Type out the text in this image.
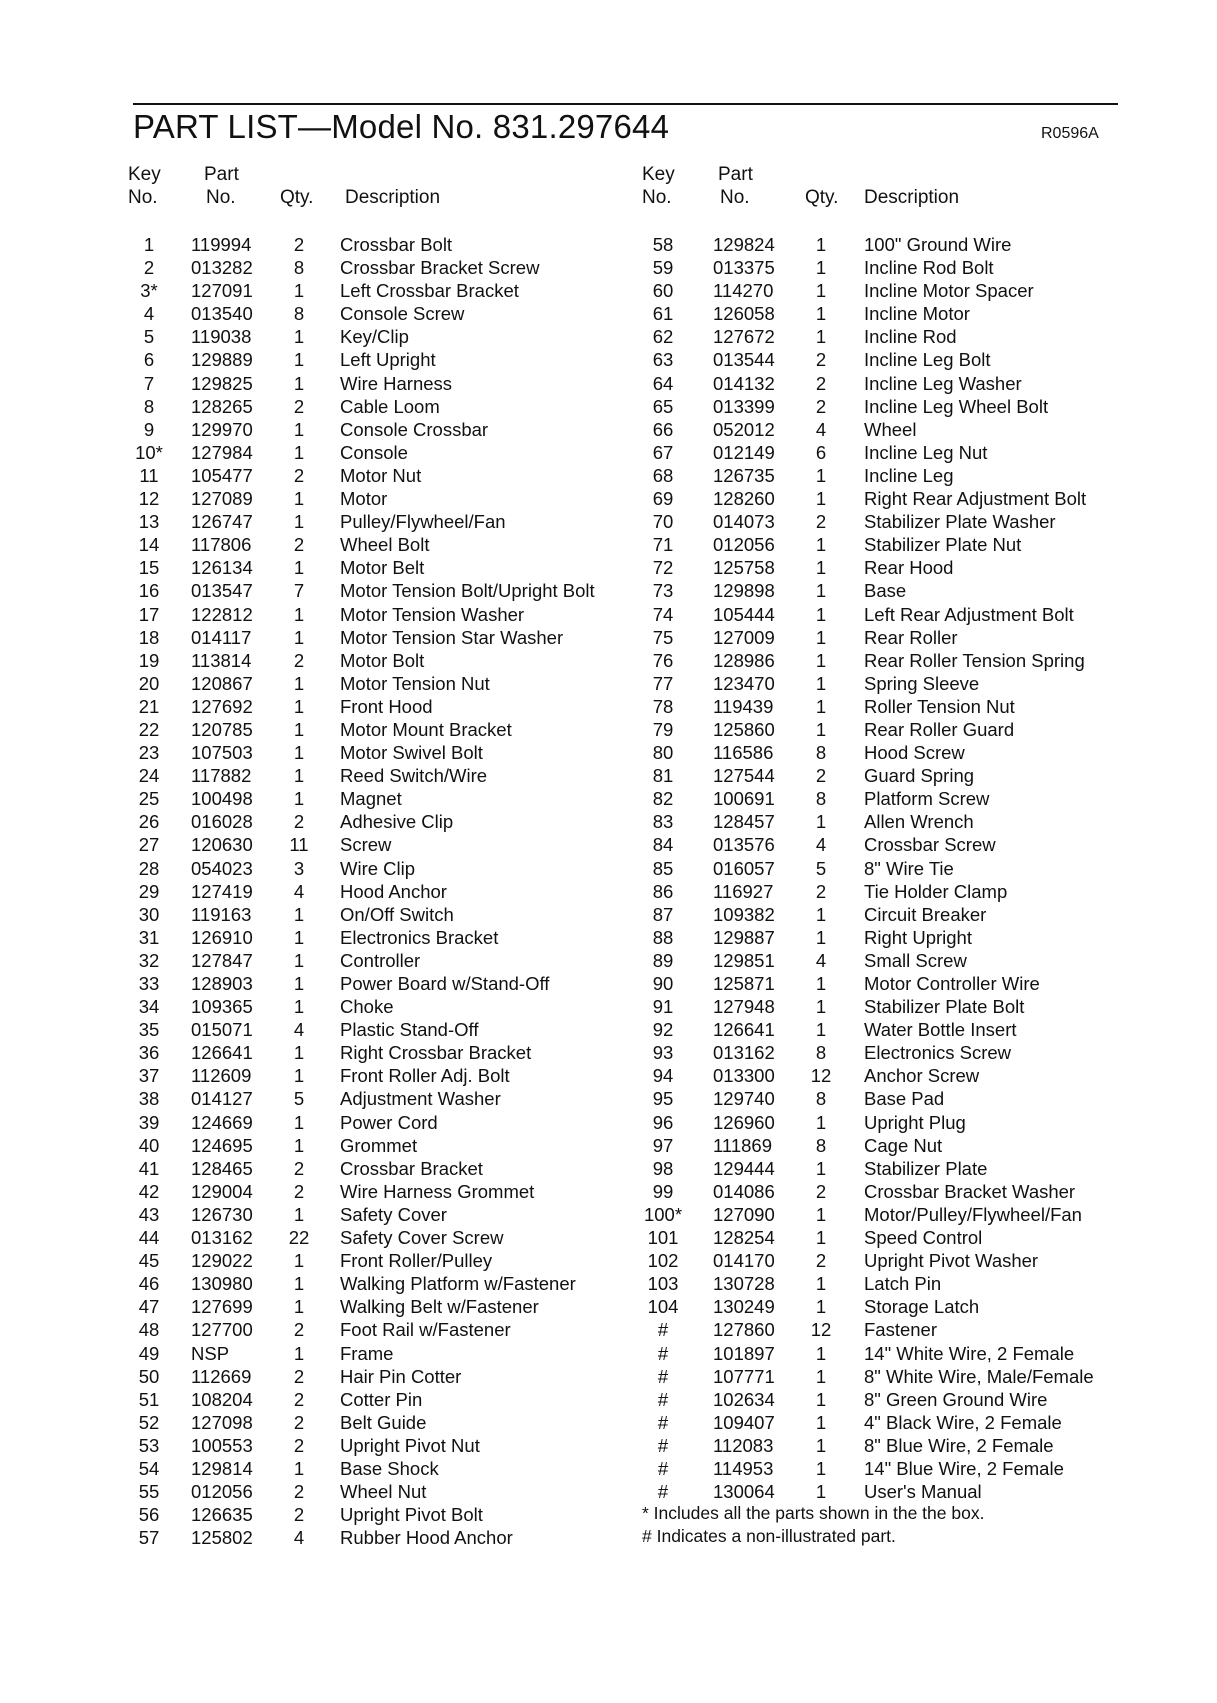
PART LIST—Model No. 831.297644	R0596A
Key
No.
Part
No. Qty. Description
1	119994	2	Crossbar Bolt
2	013282	8	Crossbar Bracket Screw
3*	127091	1	Left Crossbar Bracket
4	013540	8	Console Screw
5	119038	1	Key/Clip
6	129889	1	Left Upright
7	129825	1	Wire Harness
8	128265	2	Cable Loom
9	129970	1	Console Crossbar
10*	127984	1	Console
11	105477	2	Motor Nut
12	127089	1	Motor
13	126747	1	Pulley/Flywheel/Fan
14	117806	2	Wheel Bolt
15	126134	1	Motor Belt
16	013547	7	Motor Tension Bolt/Upright Bolt
17	122812	1	Motor Tension Washer
18	014117	1	Motor Tension Star Washer
19	113814	2	Motor Bolt
20	120867	1	Motor Tension Nut
21	127692	1	Front Hood
22	120785	1	Motor Mount Bracket
23	107503	1	Motor Swivel Bolt
24	117882	1	Reed Switch/Wire
25	100498	1	Magnet
26	016028	2	Adhesive Clip
27	120630 11 Screw
28	054023	3	Wire Clip
29	127419	4	Hood Anchor
30	119163	1	On/Off Switch
31	126910	1	Electronics Bracket
32	127847	1	Controller
33	128903	1	Power Board w/Stand-Off
34	109365	1	Choke
35	015071	4	Plastic Stand-Off
36	126641	1	Right Crossbar Bracket
37	112609	1	Front Roller Adj. Bolt
38	014127	5	Adjustment Washer
39	124669	1	Power Cord
40	124695	1	Grommet
41	128465	2	Crossbar Bracket
42	129004	2	Wire Harness Grommet
43	126730	1	Safety Cover
44	013162 22 Safety Cover Screw
45	129022	1	Front Roller/Pulley
46	130980	1	Walking Platform w/Fastener
47	127699	1	Walking Belt w/Fastener
48	127700	2	Foot Rail w/Fastener
49	NSP	1	Frame
50	112669	2	Hair Pin Cotter
51	108204	2	Cotter Pin
52	127098	2	Belt Guide
53	100553	2	Upright Pivot Nut
54	129814	1	Base Shock
55	012056	2	Wheel Nut
56	126635	2	Upright Pivot Bolt
57	125802	4	Rubber Hood Anchor
Key
No.
Part
No.	Qty. Description
58	129824	1	100" Ground Wire
59	013375	1	Incline Rod Bolt
60	114270	1	Incline Motor Spacer
61	126058	1	Incline Motor
62	127672	1	Incline Rod
63	013544	2	Incline Leg Bolt
64	014132	2	Incline Leg Washer
65	013399	2	Incline Leg Wheel Bolt
66	052012	4	Wheel
67	012149	6	Incline Leg Nut
68	126735	1	Incline Leg
69	128260	1	Right Rear Adjustment Bolt
70	014073	2	Stabilizer Plate Washer
71	012056	1	Stabilizer Plate Nut
72	125758	1	Rear Hood
73	129898	1	Base
74	105444	1	Left Rear Adjustment Bolt
75	127009	1	Rear Roller
76	128986	1	Rear Roller Tension Spring
77	123470	1	Spring Sleeve
78	119439	1	Roller Tension Nut
79	125860	1	Rear Roller Guard
80	116586	8	Hood Screw
81	127544	2	Guard Spring
82	100691	8	Platform Screw
83	128457	1	Allen Wrench
84	013576	4	Crossbar Screw
85	016057	5	8" Wire Tie
86	116927	2	Tie Holder Clamp
87	109382	1	Circuit Breaker
88	129887	1	Right Upright
89	129851	4	Small Screw
90	125871	1	Motor Controller Wire
91	127948	1	Stabilizer Plate Bolt
92	126641	1	Water Bottle Insert
93	013162	8	Electronics Screw
94	013300 12 Anchor Screw
95	129740	8	Base Pad
96	126960	1	Upright Plug
97	111869	8	Cage Nut
98	129444	1	Stabilizer Plate
99	014086	2	Crossbar Bracket Washer
100* 127090	1	Motor/Pulley/Flywheel/Fan
101	128254	1	Speed Control
102	014170	2	Upright Pivot Washer
103	130728	1	Latch Pin
104	130249	1	Storage Latch
#	127860 12 Fastener
#	101897	1	14" White Wire, 2 Female
#	107771	1	8" White Wire, Male/Female
#	102634	1	8" Green Ground Wire
#	109407	1	4" Black Wire, 2 Female
#	112083	1	8" Blue Wire, 2 Female
#	114953	1	14" Blue Wire, 2 Female
#	130064	1	User's Manual
* Includes all the parts shown in the the box.
# Indicates a non-illustrated part.
